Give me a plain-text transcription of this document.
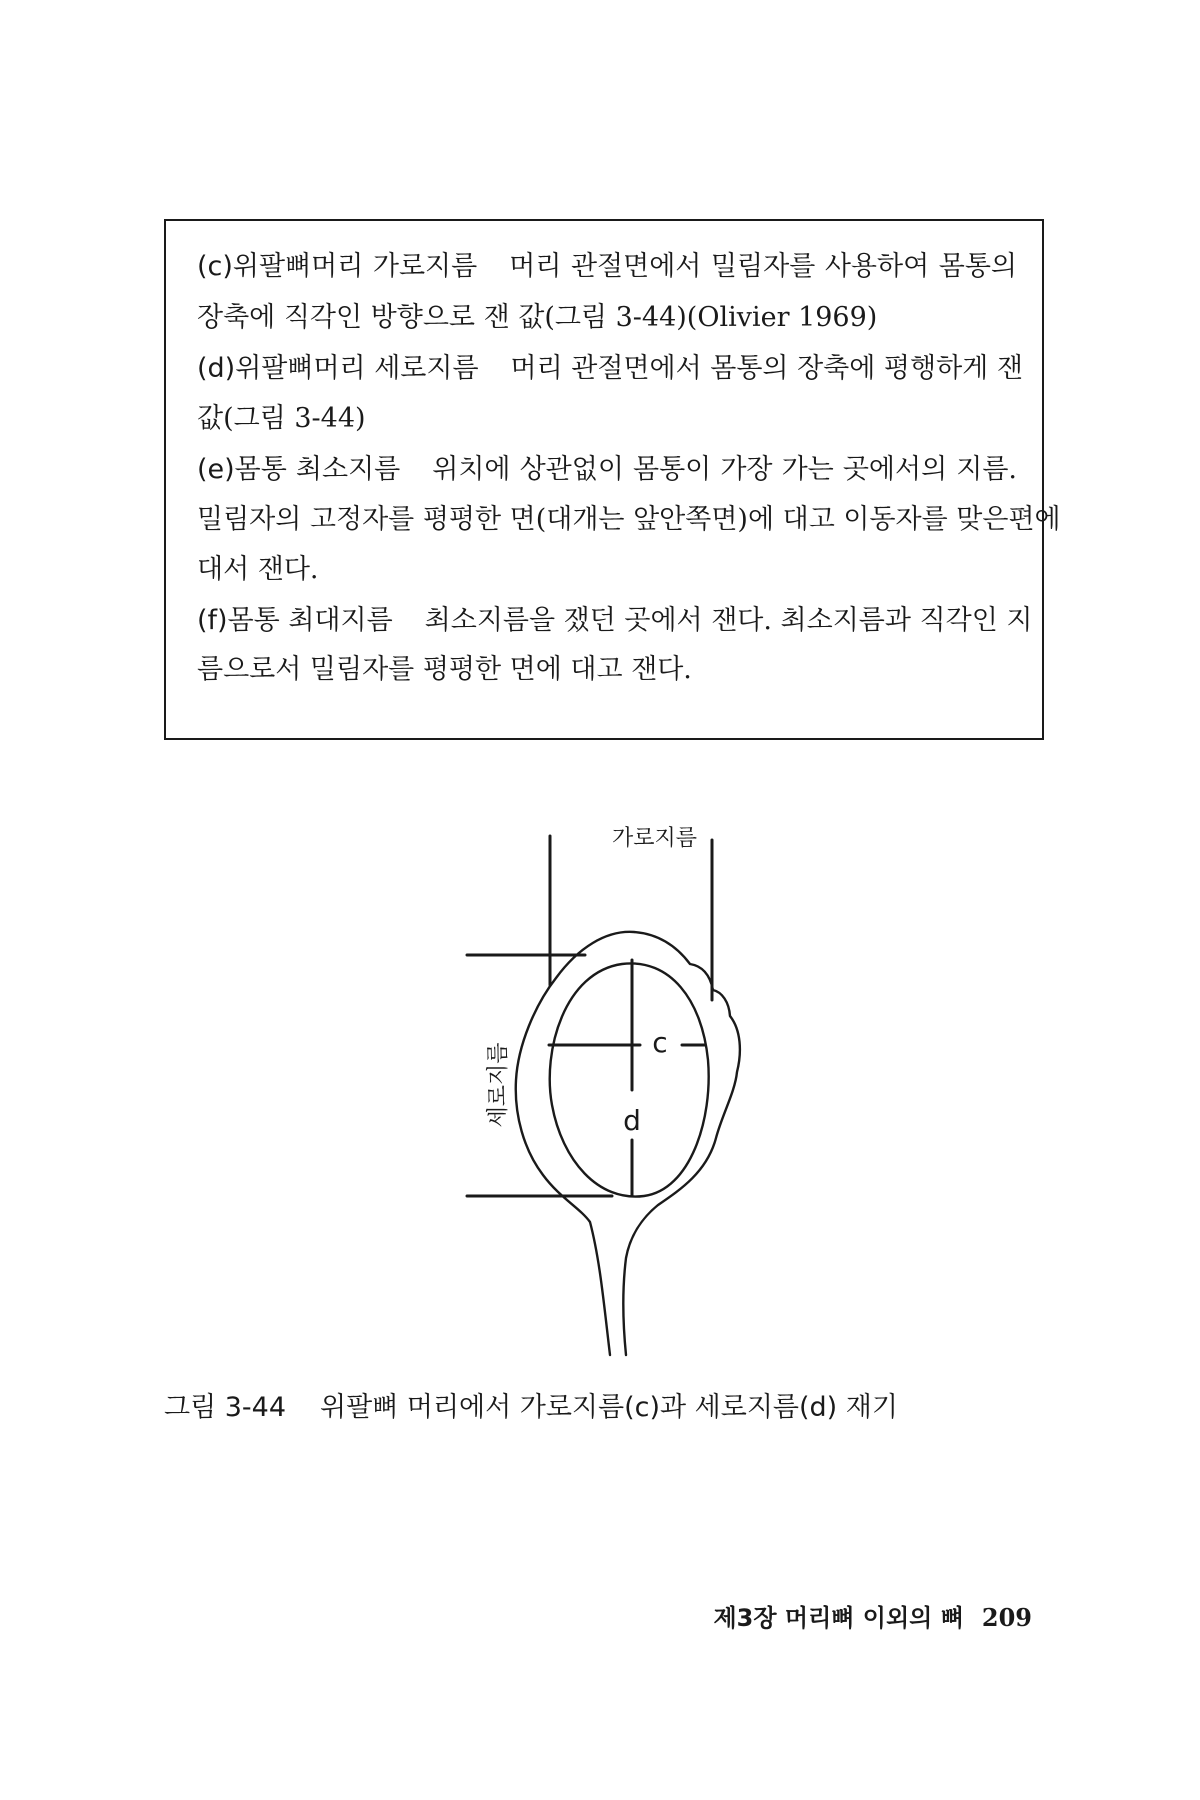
(c)위팔뼈머리 가로지름 머리 관절면에서 밀림자를 사용하여 몸통의
장축에 직각인 방향으로 잰 값(그림 3-44)(Olivier 1969)
(d)위팔뼈머리 세로지름 머리 관절면에서 몸통의 장축에 평행하게 잰
값(그림 3-44)
(e)몸통 최소지름 위치에 상관없이 몸통이 가장 가는 곳에서의 지름.
밀림자의 고정자를 평평한 면(대개는 앞안쪽면)에 대고 이동자를 맞은편에
대서 잰다.
(f)몸통 최대지름 최소지름을 쟀던 곳에서 잰다. 최소지름과 직각인 지
름으로서 밀림자를 평평한 면에 대고 잰다.
가로지름
세로지름	c
d
그림 3-44 위팔뼈 머리에서 가로지름(c)과 세로지름(d) 재기
제3장 머리뼈 이외의 뼈 209
